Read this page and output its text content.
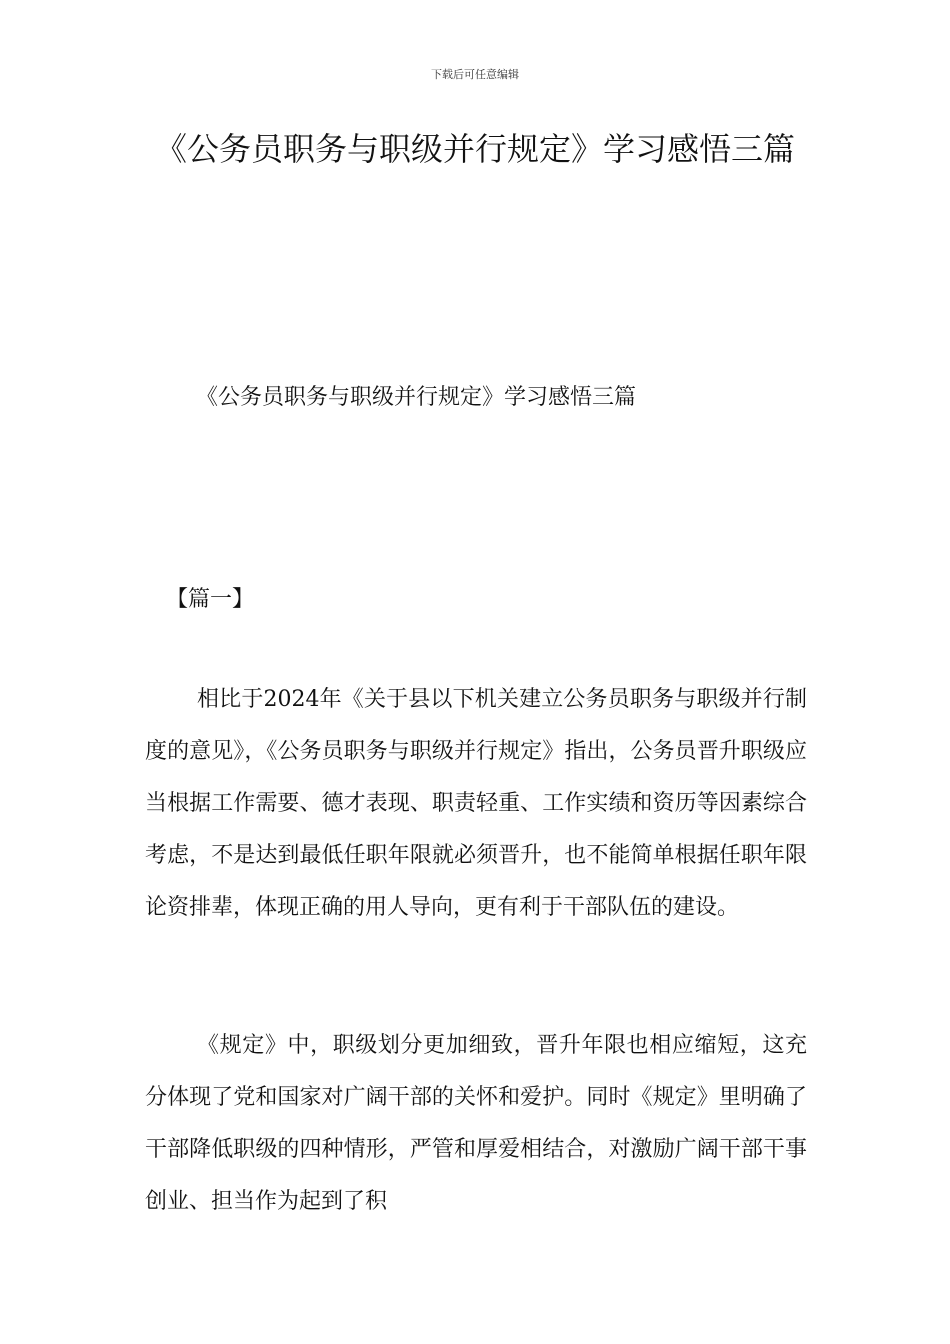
下载后可任意编辑
《公务员职务与职级并行规定》学习感悟三篇
《公务员职务与职级并行规定》学习感悟三篇
【篇一】

相比于2024年《关于县以下机关建立公务员职务与职级并行制度的意见》，《公务员职务与职级并行规定》指出，公务员晋升职级应当根据工作需要、德才表现、职责轻重、工作实绩和资历等因素综合考虑，不是达到最低任职年限就必须晋升，也不能简单根据任职年限论资排辈，体现正确的用人导向，更有利于干部队伍的建设。

《规定》中，职级划分更加细致，晋升年限也相应缩短，这充分体现了党和国家对广阔干部的关怀和爱护。同时《规定》里明确了干部降低职级的四种情形，严管和厚爱相结合，对激励广阔干部干事创业、担当作为起到了积
